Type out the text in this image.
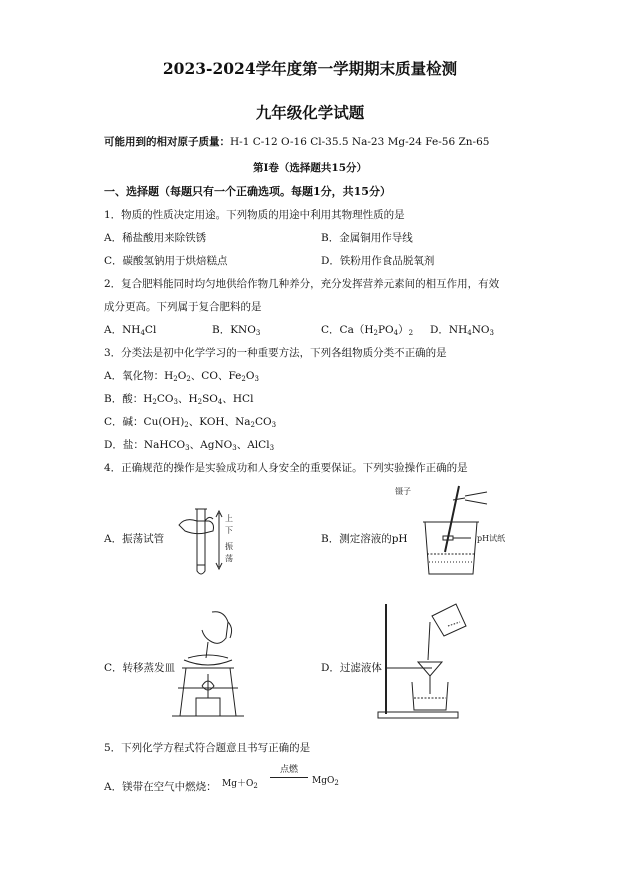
2023-2024学年度第一学期期末质量检测
九年级化学试题
可能用到的相对原子质量：H-1 C-12 O-16 Cl-35.5 Na-23 Mg-24 Fe-56 Zn-65
第Ⅰ卷（选择题共15分）
一、选择题（每题只有一个正确选项。每题1分，共15分）
1．物质的性质决定用途。下列物质的用途中利用其物理性质的是
A．稀盐酸用来除铁锈	B．金属铜用作导线
C．碳酸氢钠用于烘焙糕点	D．铁粉用作食品脱氧剂
2．复合肥料能同时均匀地供给作物几种养分，充分发挥营养元素间的相互作用，有效
成分更高。下列属于复合肥料的是
A．$NH_4Cl$	B．$KNO_3$	C．$Ca(H_2PO_4)_2$ D．$NH_4NO_3$
3．分类法是初中化学学习的一种重要方法，下列各组物质分类不正确的是
A．氧化物：$H_2O_2$、CO、$Fe_2O_3$
B．酸：$H_2CO_3$、$H_2SO_4$、HCl
C．碱：$Cu(OH)_2$、KOH、$Na_2CO_3$
D．盐：NaHCO$_3$、AgNO$_3$、AlCl$_3$
4．正确规范的操作是实验成功和人身安全的重要保证。下列实验操作正确的是
A．振荡试管	B．测定溶液的pH
C．转移蒸发皿	D．过滤液体
上
下
振
荡
镊子
pH试纸
5．下列化学方程式符合题意且书写正确的是
A．镁带在空气中燃烧： $Mg+O_2$
点燃
MgO$_2$
